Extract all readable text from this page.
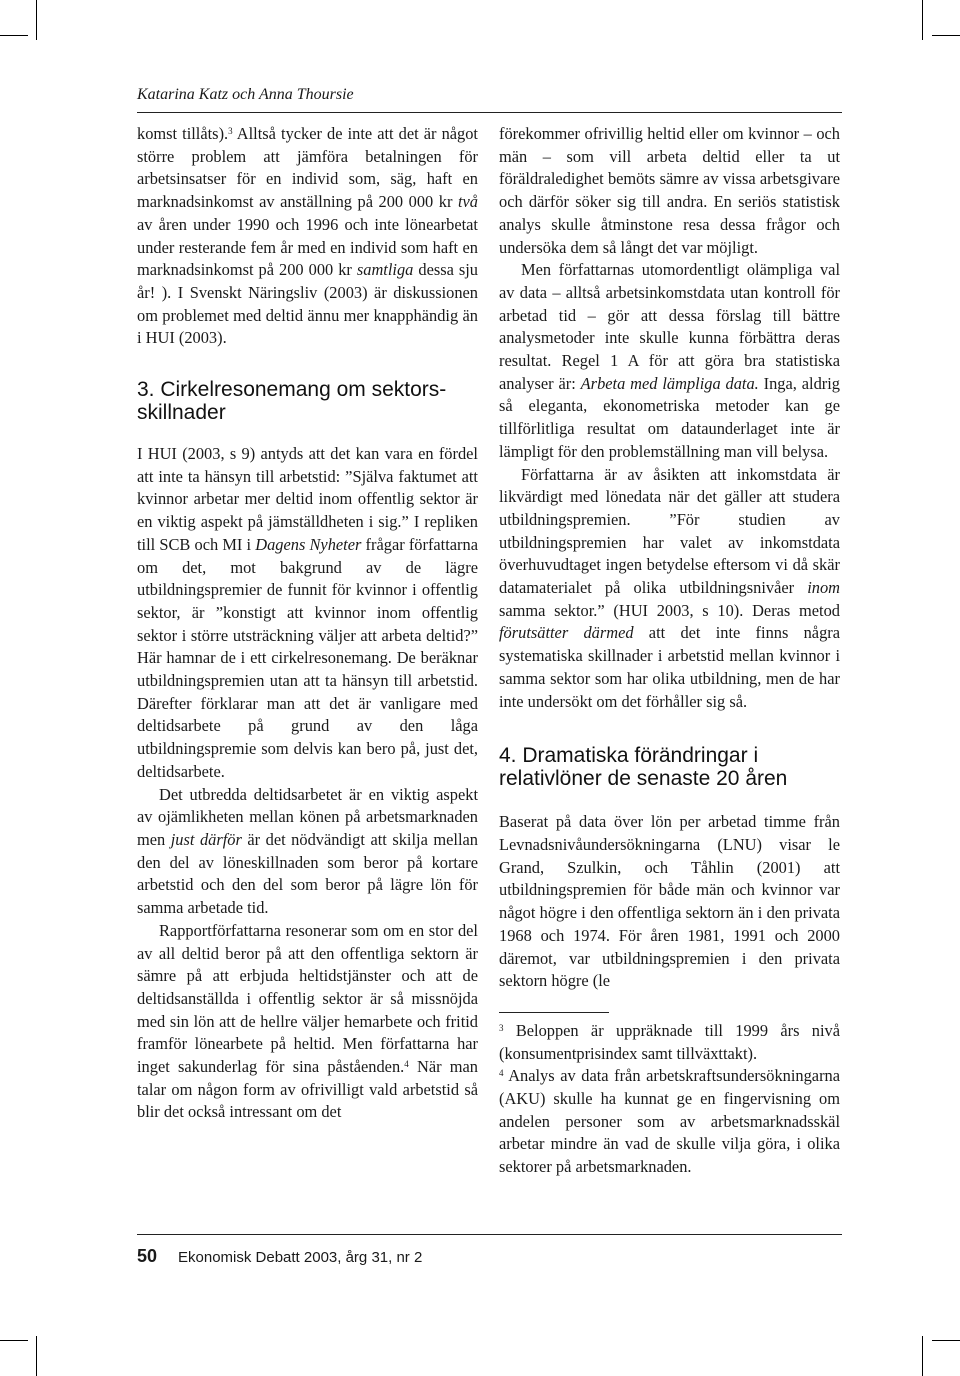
Katarina Katz och Anna Thoursie

komst tillåts).$^3$ Alltså tycker de inte att det är något större problem att jämföra betalningen för arbetsinsatser för en individ som, säg, haft en marknadsinkomst av anställning på 200 000 kr två av åren under 1990 och 1996 och inte lönearbetat under resterande fem år med en individ som haft en marknadsinkomst på 200 000 kr samtliga dessa sju år! ). I Svenskt Näringsliv (2003) är diskussionen om problemet med deltid ännu mer knapphändig än i HUI (2003).

3. Cirkelresonemang om sektorsskillnader

I HUI (2003, s 9) antyds att det kan vara en fördel att inte ta hänsyn till arbetstid: ”Själva faktumet att kvinnor arbetar mer deltid inom offentlig sektor är en viktig aspekt på jämställdheten i sig.” I repliken till SCB och MI i Dagens Nyheter frågar författarna om det, mot bakgrund av de lägre utbildningspremier de funnit för kvinnor i offentlig sektor, är ”konstigt att kvinnor inom offentlig sektor i större utsträckning väljer att arbeta deltid?” Här hamnar de i ett cirkelresonemang. De beräknar utbildningspremien utan att ta hänsyn till arbetstid. Därefter förklarar man att det är vanligare med deltidsarbete på grund av den låga utbildningspremie som delvis kan bero på, just det, deltidsarbete.

Det utbredda deltidsarbetet är en viktig aspekt av ojämlikheten mellan könen på arbetsmarknaden men just därför är det nödvändigt att skilja mellan den del av löneskillnaden som beror på kortare arbetstid och den del som beror på lägre lön för samma arbetade tid.

Rapportförfattarna resonerar som om en stor del av all deltid beror på att den offentliga sektorn är sämre på att erbjuda heltidstjänster och att de deltidsanställda i offentlig sektor är så missnöjda med sin lön att de hellre väljer hemarbete och fritid framför lönearbete på heltid. Men författarna har inget sakunderlag för sina påståenden.$^4$ När man talar om någon form av ofrivilligt vald arbetstid så blir det också intressant om det

förekommer ofrivillig heltid eller om kvinnor – och män – som vill arbeta deltid eller ta ut föräldraledighet bemöts sämre av vissa arbetsgivare och därför söker sig till andra. En seriös statistisk analys skulle åtminstone resa dessa frågor och undersöka dem så långt det var möjligt.

Men författarnas utomordentligt olämpliga val av data – alltså arbetsinkomstdata utan kontroll för arbetad tid – gör att dessa förslag till bättre analysmetoder inte skulle kunna förbättra deras resultat. Regel 1 A för att göra bra statistiska analyser är: Arbeta med lämpliga data. Inga, aldrig så eleganta, ekonometriska metoder kan ge tillförlitliga resultat om dataunderlaget inte är lämpligt för den problemställning man vill belysa.

Författarna är av åsikten att inkomstdata är likvärdigt med lönedata när det gäller att studera utbildningspremien. ”För studien av utbildningspremien har valet av inkomstdata överhuvudtaget ingen betydelse eftersom vi då skär datamaterialet på olika utbildningsnivåer inom samma sektor.” (HUI 2003, s 10). Deras metod förutsätter därmed att det inte finns några systematiska skillnader i arbetstid mellan kvinnor i samma sektor som har olika utbildning, men de har inte undersökt om det förhåller sig så.

4. Dramatiska förändringar i relativlöner de senaste 20 åren

Baserat på data över lön per arbetad timme från Levnadsnivåundersökningarna (LNU) visar le Grand, Szulkin, och Tåhlin (2001) att utbildningspremien för både män och kvinnor var något högre i den offentliga sektorn än i den privata 1968 och 1974. För åren 1981, 1991 och 2000 däremot, var utbildningspremien i den privata sektorn högre (le

$^3$ Beloppen är uppräknade till 1999 års nivå (konsumentprisindex samt tillväxttakt).

$^4$ Analys av data från arbetskraftsundersökningarna (AKU) skulle ha kunnat ge en fingervisning om andelen personer som av arbetsmarknadsskäl arbetar mindre än vad de skulle vilja göra, i olika sektorer på arbetsmarknaden.

50 Ekonomisk Debatt 2003, årg 31, nr 2
